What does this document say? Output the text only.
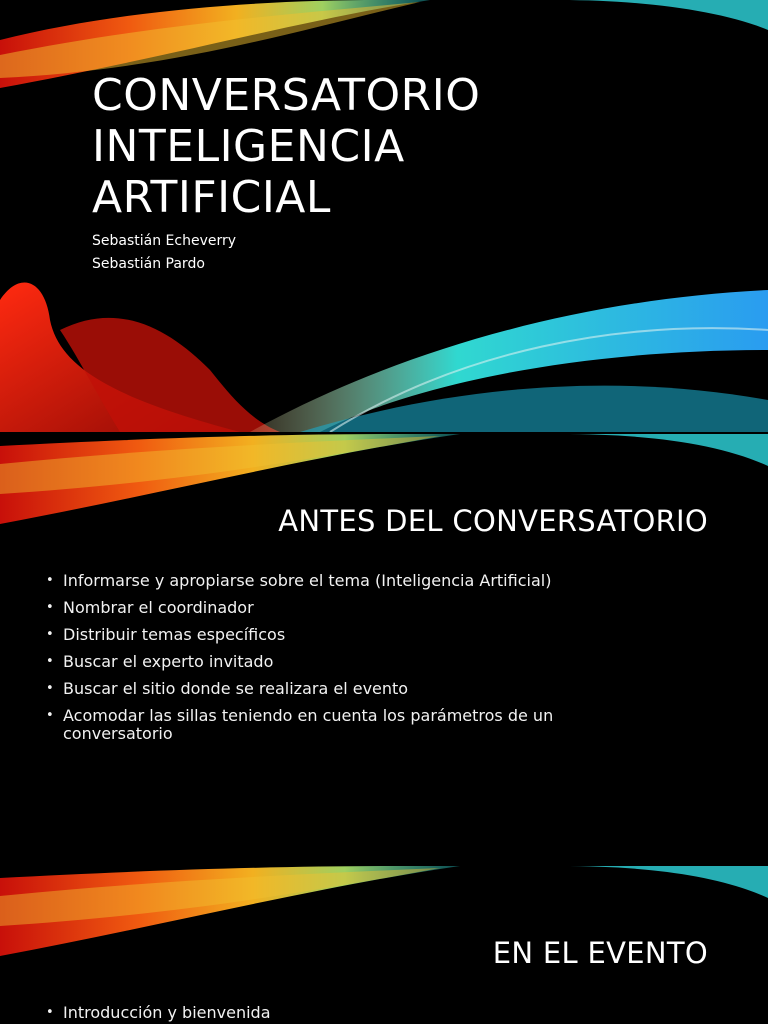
CONVERSATORIO
INTELIGENCIA
ARTIFICIAL
Sebastián Echeverry
Sebastián Pardo
ANTES DEL CONVERSATORIO
• Informarse y apropiarse sobre el tema (Inteligencia Artificial)
• Nombrar el coordinador
• Distribuir temas específicos
• Buscar el experto invitado
• Buscar el sitio donde se realizara el evento
• Acomodar las sillas teniendo en cuenta los parámetros de un conversatorio
EN EL EVENTO
• Introducción y bienvenida
